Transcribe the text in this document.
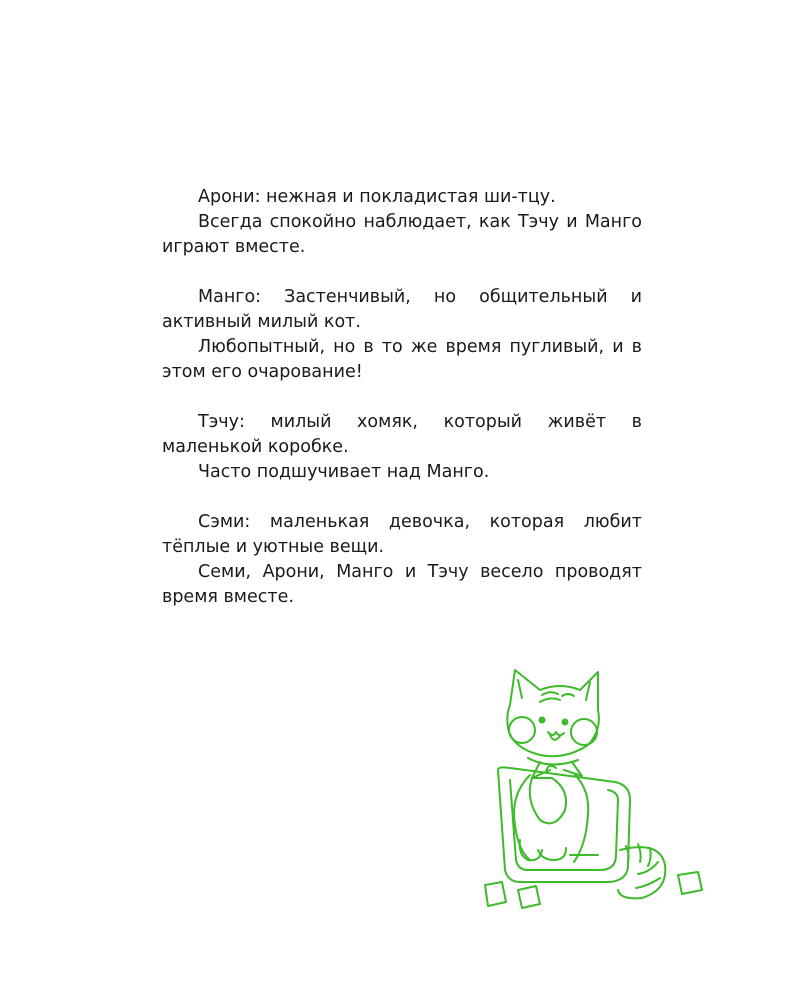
Арони: нежная и покладистая ши-тцу.

Всегда спокойно наблюдает, как Тэчу и Манго играют вместе.

Манго: Застенчивый, но общительный и активный милый кот.

Любопытный, но в то же время пугливый, и в этом его очарование!

Тэчу: милый хомяк, который живёт в маленькой коробке.

Часто подшучивает над Манго.

Сэми: маленькая девочка, которая любит тёплые и уютные вещи.

Семи, Арони, Манго и Тэчу весело проводят время вместе.
